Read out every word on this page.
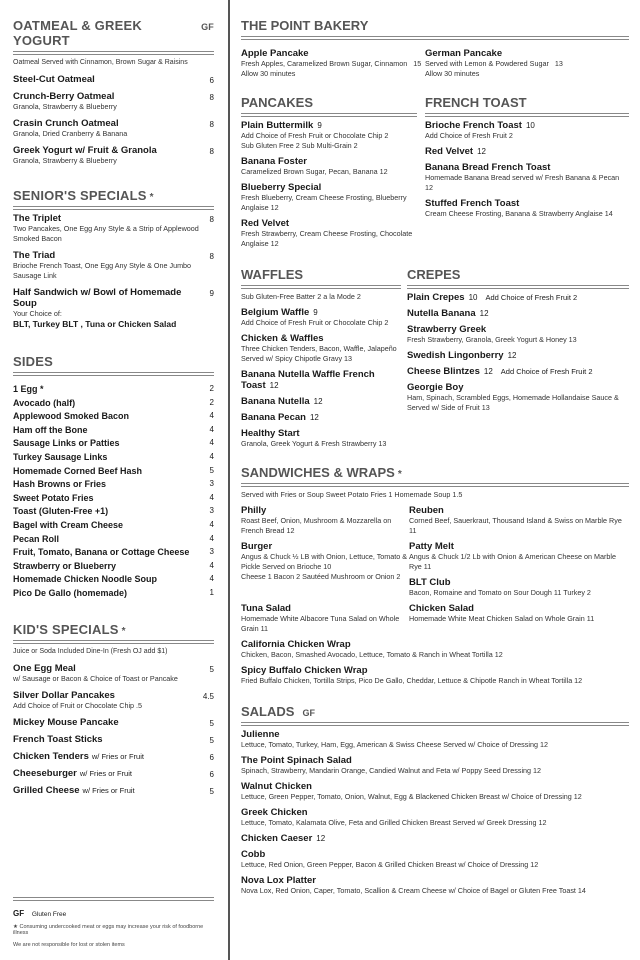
OATMEAL & GREEK YOGURT
GF
Oatmeal Served with Cinnamon, Brown Sugar & Raisins
Steel-Cut Oatmeal	6
Crunch-Berry Oatmeal
Granola, Strawberry & Blueberry
8
Crasin Crunch Oatmeal
Granola, Dried Cranberry & Banana
8
Greek Yogurt w/ Fruit & Granola
Granola, Strawberry & Blueberry
8
SENIOR'S SPECIALS *
The Triplet
Two Pancakes, One Egg Any Style & a Strip of Applewood Smoked Bacon
8
The Triad
Brioche French Toast, One Egg Any Style & One Jumbo Sausage Link
8
Half Sandwich w/ Bowl of Homemade Soup
Your Choice of:
BLT, Turkey BLT , Tuna or Chicken Salad
9
SIDES
1 Egg *	2
Avocado (half)	2
Applewood Smoked Bacon	4
Ham off the Bone	4
Sausage Links or Patties	4
Turkey Sausage Links	4
Homemade Corned Beef Hash	5
Hash Browns or Fries	3
Sweet Potato Fries	4
Toast (Gluten-Free +1)	3
Bagel with Cream Cheese	4
Pecan Roll	4
Fruit, Tomato, Banana or Cottage Cheese	3
Strawberry or Blueberry	4
Homemade Chicken Noodle Soup	4
Pico De Gallo (homemade)	1
KID'S SPECIALS *
Juice or Soda Included Dine-In (Fresh OJ add $1)
One Egg Meal
w/ Sausage or Bacon & Choice of Toast or Pancake
5
Silver Dollar Pancakes
Add Choice of Fruit or Chocolate Chip .5
4.5
Mickey Mouse Pancake	5
French Toast Sticks	5
Chicken Tenders w/ Fries or Fruit	6
Cheeseburger w/ Fries or Fruit	6
Grilled Cheese w/ Fries or Fruit	5
GF Gluten Free
★ Consuming undercooked meat or eggs may increase your risk of foodborne illness
We are not responsible for lost or stolen items
THE POINT BAKERY
Apple Pancake
Fresh Apples, Caramelized Brown Sugar, Cinnamon 15
Allow 30 minutes
German Pancake
Served with Lemon & Powdered Sugar 13
Allow 30 minutes
PANCAKES
Plain Buttermilk 9
Add Choice of Fresh Fruit or Chocolate Chip 2
Sub Gluten Free 2 Sub Multi-Grain 2
Banana Foster
Caramelized Brown Sugar, Pecan, Banana 12
Blueberry Special
Fresh Blueberry, Cream Cheese Frosting, Blueberry Anglaise 12
Red Velvet
Fresh Strawberry, Cream Cheese Frosting, Chocolate Anglaise 12
FRENCH TOAST
Brioche French Toast 10
Add Choice of Fresh Fruit 2
Red Velvet 12
Banana Bread French Toast
Homemade Banana Bread served w/ Fresh Banana & Pecan 12
Stuffed French Toast
Cream Cheese Frosting, Banana & Strawberry Anglaise 14
WAFFLES
Sub Gluten-Free Batter 2 a la Mode 2
Belgium Waffle 9
Add Choice of Fresh Fruit or Chocolate Chip 2
Chicken & Waffles
Three Chicken Tenders, Bacon, Waffle, Jalapeño Served w/ Spicy Chipotle Gravy 13
Banana Nutella Waffle French Toast 12
Banana Nutella 12
Banana Pecan 12
Healthy Start
Granola, Greek Yogurt & Fresh Strawberry 13
CREPES
Plain Crepes 10 Add Choice of Fresh Fruit 2
Nutella Banana 12
Strawberry Greek
Fresh Strawberry, Granola, Greek Yogurt & Honey 13
Swedish Lingonberry 12
Cheese Blintzes 12 Add Choice of Fresh Fruit 2
Georgie Boy
Ham, Spinach, Scrambled Eggs, Homemade Hollandaise Sauce & Served w/ Side of Fruit 13
SANDWICHES & WRAPS *
Served with Fries or Soup Sweet Potato Fries 1 Homemade Soup 1.5
Philly
Roast Beef, Onion, Mushroom & Mozzarella on French Bread 12
Reuben
Corned Beef, Sauerkraut, Thousand Island & Swiss on Marble Rye 11
Burger
Angus & Chuck ½ LB with Onion, Lettuce, Tomato & Pickle Served on Brioche 10
Cheese 1 Bacon 2 Sautéed Mushroom or Onion 2
Patty Melt
Angus & Chuck 1/2 Lb with Onion & American Cheese on Marble Rye 11
BLT Club
Bacon, Romaine and Tomato on Sour Dough 11 Turkey 2
Tuna Salad
Homemade White Albacore Tuna Salad on Whole Grain 11
Chicken Salad
Homemade White Meat Chicken Salad on Whole Grain 11
California Chicken Wrap
Chicken, Bacon, Smashed Avocado, Lettuce, Tomato & Ranch in Wheat Tortilla 12
Spicy Buffalo Chicken Wrap
Fried Buffalo Chicken, Tortilla Strips, Pico De Gallo, Cheddar, Lettuce & Chipotle Ranch in Wheat Tortilla 12
SALADS GF
Julienne
Lettuce, Tomato, Turkey, Ham, Egg, American & Swiss Cheese Served w/ Choice of Dressing 12
The Point Spinach Salad
Spinach, Strawberry, Mandarin Orange, Candied Walnut and Feta w/ Poppy Seed Dressing 12
Walnut Chicken
Lettuce, Green Pepper, Tomato, Onion, Walnut, Egg & Blackened Chicken Breast w/ Choice of Dressing 12
Greek Chicken
Lettuce, Tomato, Kalamata Olive, Feta and Grilled Chicken Breast Served w/ Greek Dressing 12
Chicken Caeser 12
Cobb
Lettuce, Red Onion, Green Pepper, Bacon & Grilled Chicken Breast w/ Choice of Dressing 12
Nova Lox Platter
Nova Lox, Red Onion, Caper, Tomato, Scallion & Cream Cheese w/ Choice of Bagel or Gluten Free Toast 14
